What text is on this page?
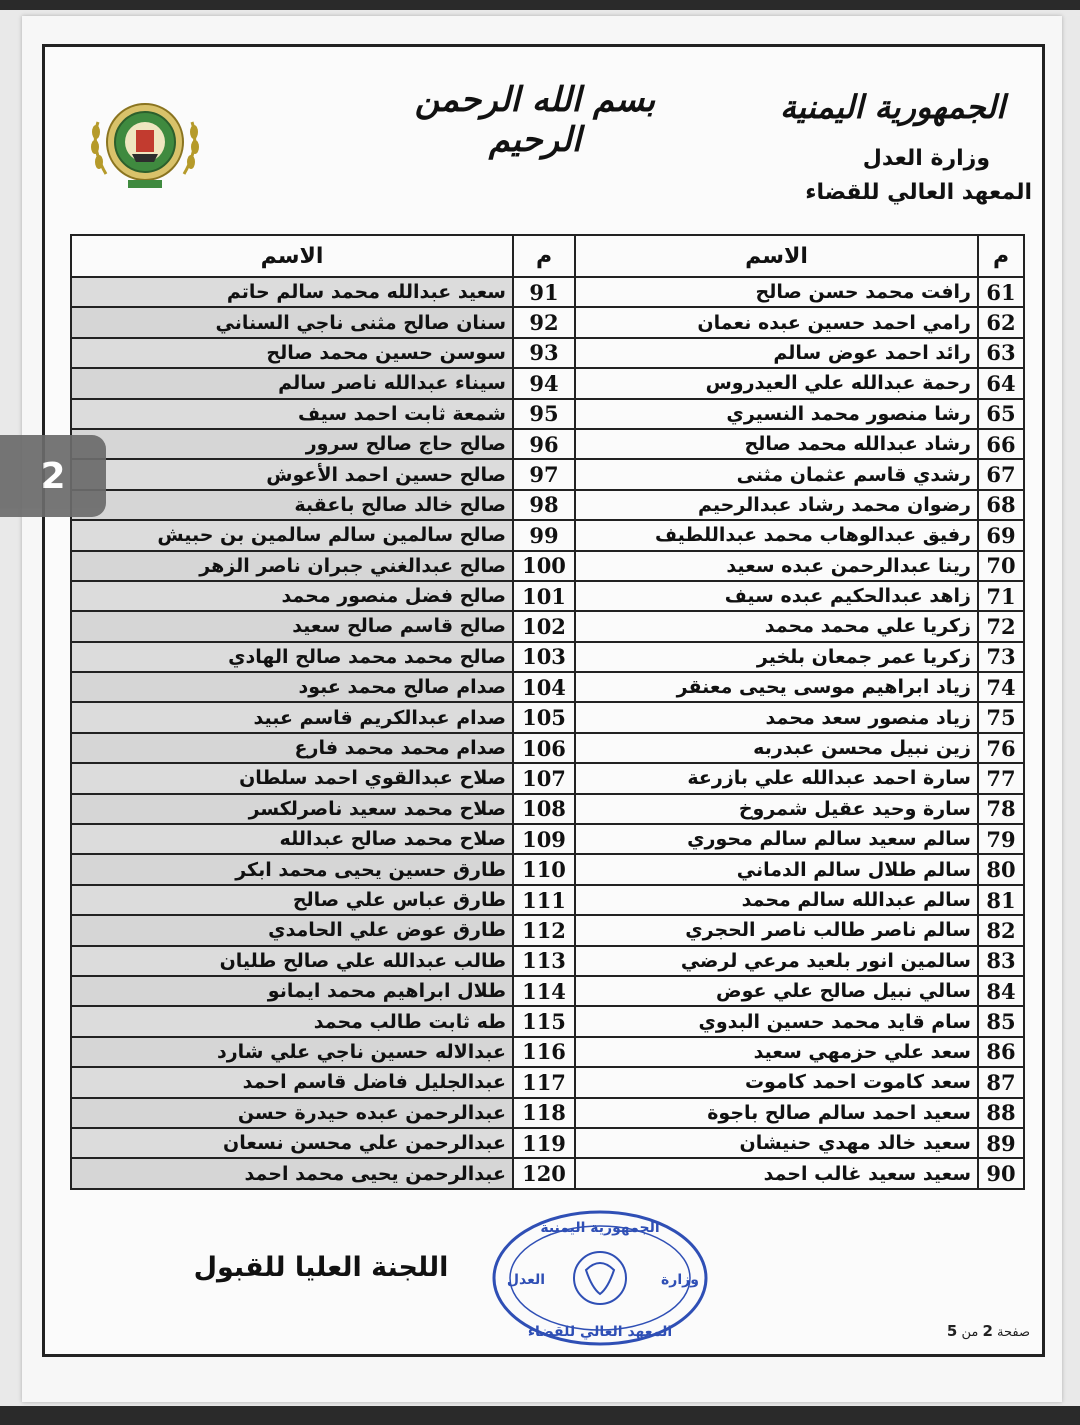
بسم الله الرحمن الرحيم
الجمهورية اليمنية
وزارة العدل
المعهد العالي للقضاء
م	الاسم	م	الاسم
61	رافت محمد حسن صالح	91	سعيد عبدالله محمد سالم حاتم
62	رامي احمد حسين عبده نعمان	92	سنان صالح مثنى ناجي السناني
63	رائد احمد عوض سالم	93	سوسن حسين محمد صالح
64	رحمة عبدالله علي العيدروس	94	سيناء عبدالله ناصر سالم
65	رشا منصور محمد النسيري	95	شمعة ثابت احمد سيف
66	رشاد عبدالله محمد صالح	96	صالح حاج صالح سرور
67	رشدي قاسم عثمان مثنى	97	صالح حسين احمد الأعوش
68	رضوان محمد رشاد عبدالرحيم	98	صالح خالد صالح باعقبة
69	رفيق عبدالوهاب محمد عبداللطيف	99	صالح سالمين سالم سالمين بن حبيش
70	رينا عبدالرحمن عبده سعيد	100	صالح عبدالغني جبران ناصر الزهر
71	زاهد عبدالحكيم عبده سيف	101	صالح فضل منصور محمد
72	زكريا علي محمد محمد	102	صالح قاسم صالح سعيد
73	زكريا عمر جمعان بلخير	103	صالح محمد محمد صالح الهادي
74	زياد ابراهيم موسى يحيى معنقر	104	صدام صالح محمد عبود
75	زياد منصور سعد محمد	105	صدام عبدالكريم قاسم عبيد
76	زين نبيل محسن عبدربه	106	صدام محمد محمد فارع
77	سارة احمد عبدالله علي بازرعة	107	صلاح عبدالقوي احمد سلطان
78	سارة وحيد عقيل شمروخ	108	صلاح محمد سعيد ناصرلكسر
79	سالم سعيد سالم سالم محوري	109	صلاح محمد صالح عبدالله
80	سالم طلال سالم الدماني	110	طارق حسين يحيى محمد ابكر
81	سالم عبدالله سالم محمد	111	طارق عباس علي صالح
82	سالم ناصر طالب ناصر الحجري	112	طارق عوض علي الحامدي
83	سالمين انور بلعيد مرعي لرضي	113	طالب عبدالله علي صالح طليان
84	سالي نبيل صالح علي عوض	114	طلال ابراهيم محمد ايمانو
85	سام قايد محمد حسين البدوي	115	طه ثابت طالب محمد
86	سعد علي حزمهي سعيد	116	عبدالاله حسين ناجي علي شارد
87	سعد كاموت احمد كاموت	117	عبدالجليل فاضل قاسم احمد
88	سعيد احمد سالم صالح باجوة	118	عبدالرحمن عبده حيدرة حسن
89	سعيد خالد مهدي حنيشان	119	عبدالرحمن علي محسن نسعان
90	سعيد سعيد غالب احمد	120	عبدالرحمن يحيى محمد احمد
اللجنة العليا للقبول
الجمهورية اليمنية
وزارة
العدل
المعهد العالي للقضاء	صفحة 2 من 5
2
